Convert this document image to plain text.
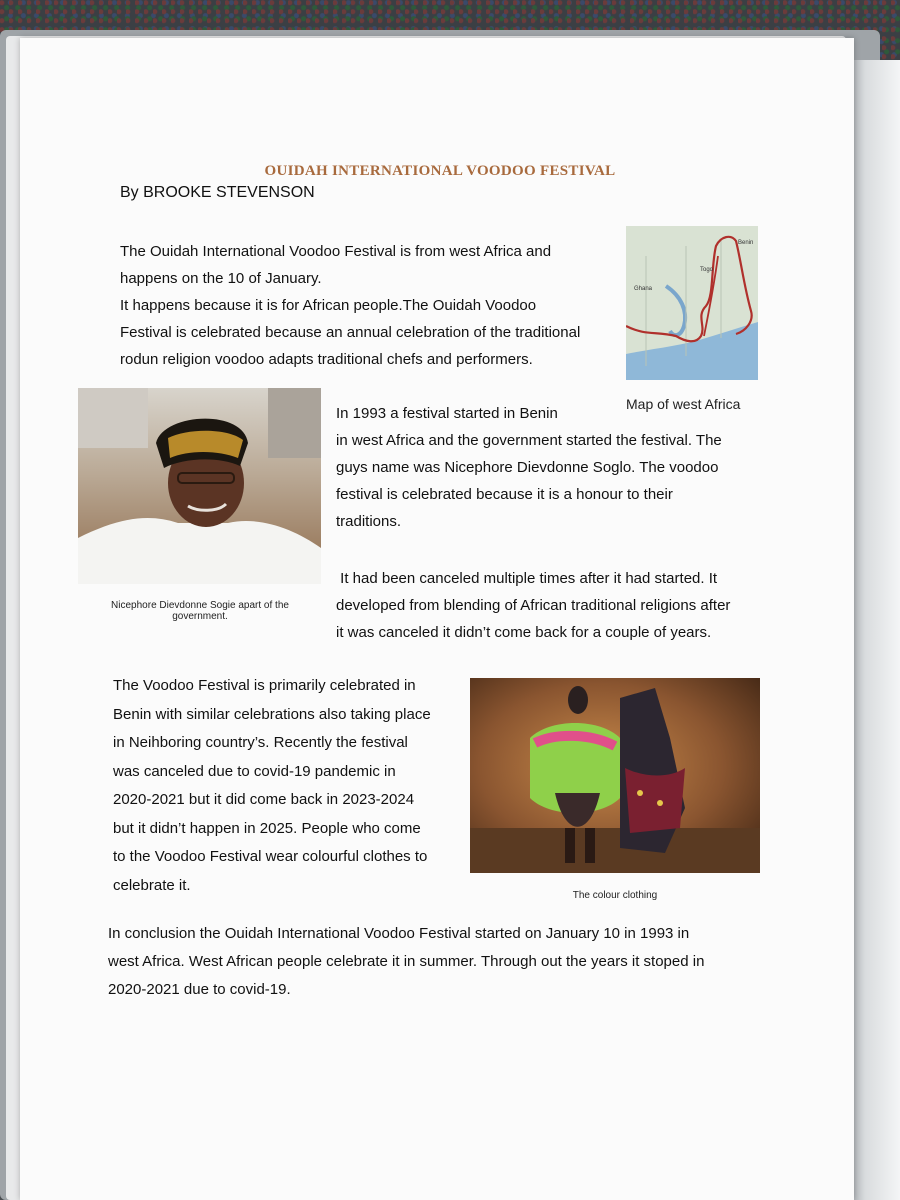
OUIDAH INTERNATIONAL VOODOO FESTIVAL
By BROOKE STEVENSON
The Ouidah International Voodoo Festival is from west Africa and
happens on the 10 of January.
It happens because it is for African people.The Ouidah Voodoo
Festival is celebrated because an annual celebration of the traditional
rodun religion voodoo adapts traditional chefs and performers.
Benin
Togo
Ghana
Map of west Africa
Nicephore Dievdonne Sogie apart of the government.
In 1993 a festival started in Benin
in west Africa and the government started the festival. The
guys name was Nicephore Dievdonne Soglo. The voodoo
festival is celebrated because it is a honour to their
traditions.
It had been canceled multiple times after it had started. It
developed from blending of African traditional religions after
it was canceled it didn’t come back for a couple of years.
The Voodoo Festival is primarily celebrated in
Benin with similar celebrations also taking place
in Neihboring country’s. Recently the festival
was canceled due to covid-19 pandemic in
2020-2021 but it did come back in 2023-2024
but it didn’t happen in 2025. People who come
to the Voodoo Festival wear colourful clothes to
celebrate it.
The colour clothing
In conclusion the Ouidah International Voodoo Festival started on January 10 in 1993 in
west Africa. West African people celebrate it in summer. Through out the years it stoped in
2020-2021 due to covid-19.
